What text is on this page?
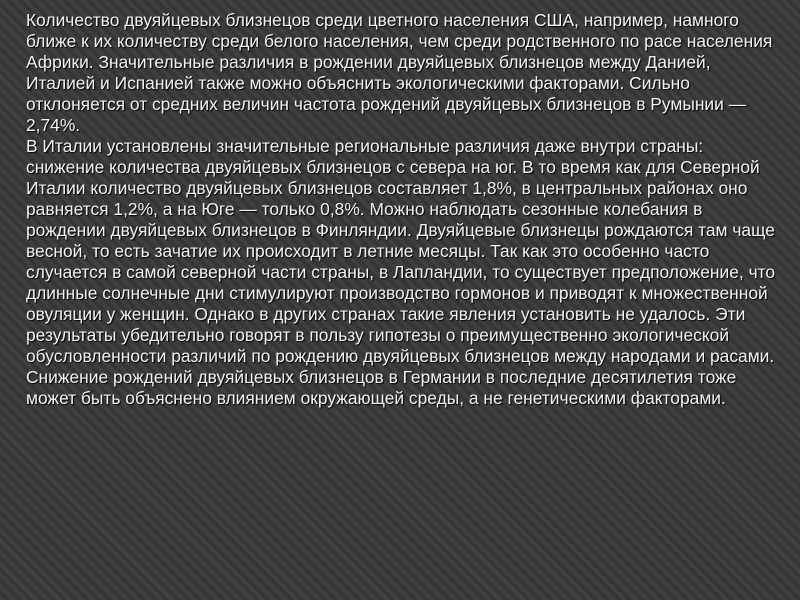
Количество двуяйцевых близнецов среди цветного населения США, например, намного ближе к их количеству среди белого населения, чем среди родственного по расе населения Африки. Значительные различия в рождении двуяйцевых близнецов между Данией, Италией и Испанией также можно объяснить экологическими факторами. Сильно отклоняется от средних величин частота рождений двуяйцевых близнецов в Румынии — 2,74%.

В Италии установлены значительные региональные различия даже внутри страны: снижение количества двуяйцевых близнецов с севера на юг. В то время как для Северной Италии количество двуяйцевых близнецов составляет 1,8%, в центральных районах оно равняется 1,2%, а на Юге — только 0,8%. Можно наблюдать сезонные колебания в рождении двуяйцевых близнецов в Финляндии. Двуяйцевые близнецы рождаются там чаще весной, то есть зачатие их происходит в летние месяцы. Так как это особенно часто случается в самой северной части страны, в Лапландии, то существует предположение, что длинные солнечные дни стимулируют производство гормонов и приводят к множественной овуляции у женщин. Однако в других странах такие явления установить не удалось. Эти результаты убедительно говорят в пользу гипотезы о преимущественно экологической обусловленности различий по рождению двуяйцевых близнецов между народами и расами.

Снижение рождений двуяйцевых близнецов в Германии в последние десятилетия тоже может быть объяснено влиянием окружающей среды, а не генетическими факторами.
